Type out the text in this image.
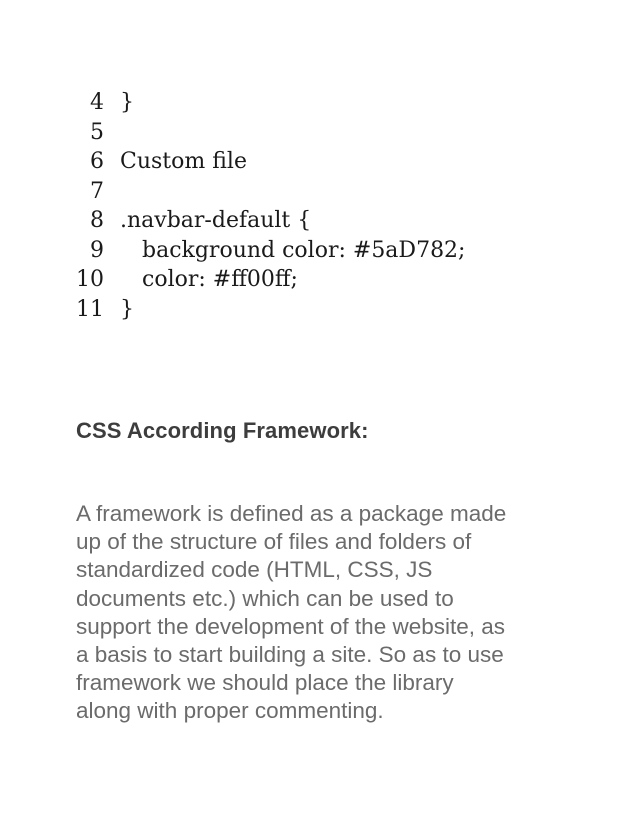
4 }
5
6 Custom file
7
8 .navbar-default {
9	background color: #5aD782;
10	color: #ff00ff;
11 }
CSS According Framework:

A framework is defined as a package made
up of the structure of files and folders of
standardized code (HTML, CSS, JS
documents etc.) which can be used to
support the development of the website, as
a basis to start building a site. So as to use
framework we should place the library
along with proper commenting.
